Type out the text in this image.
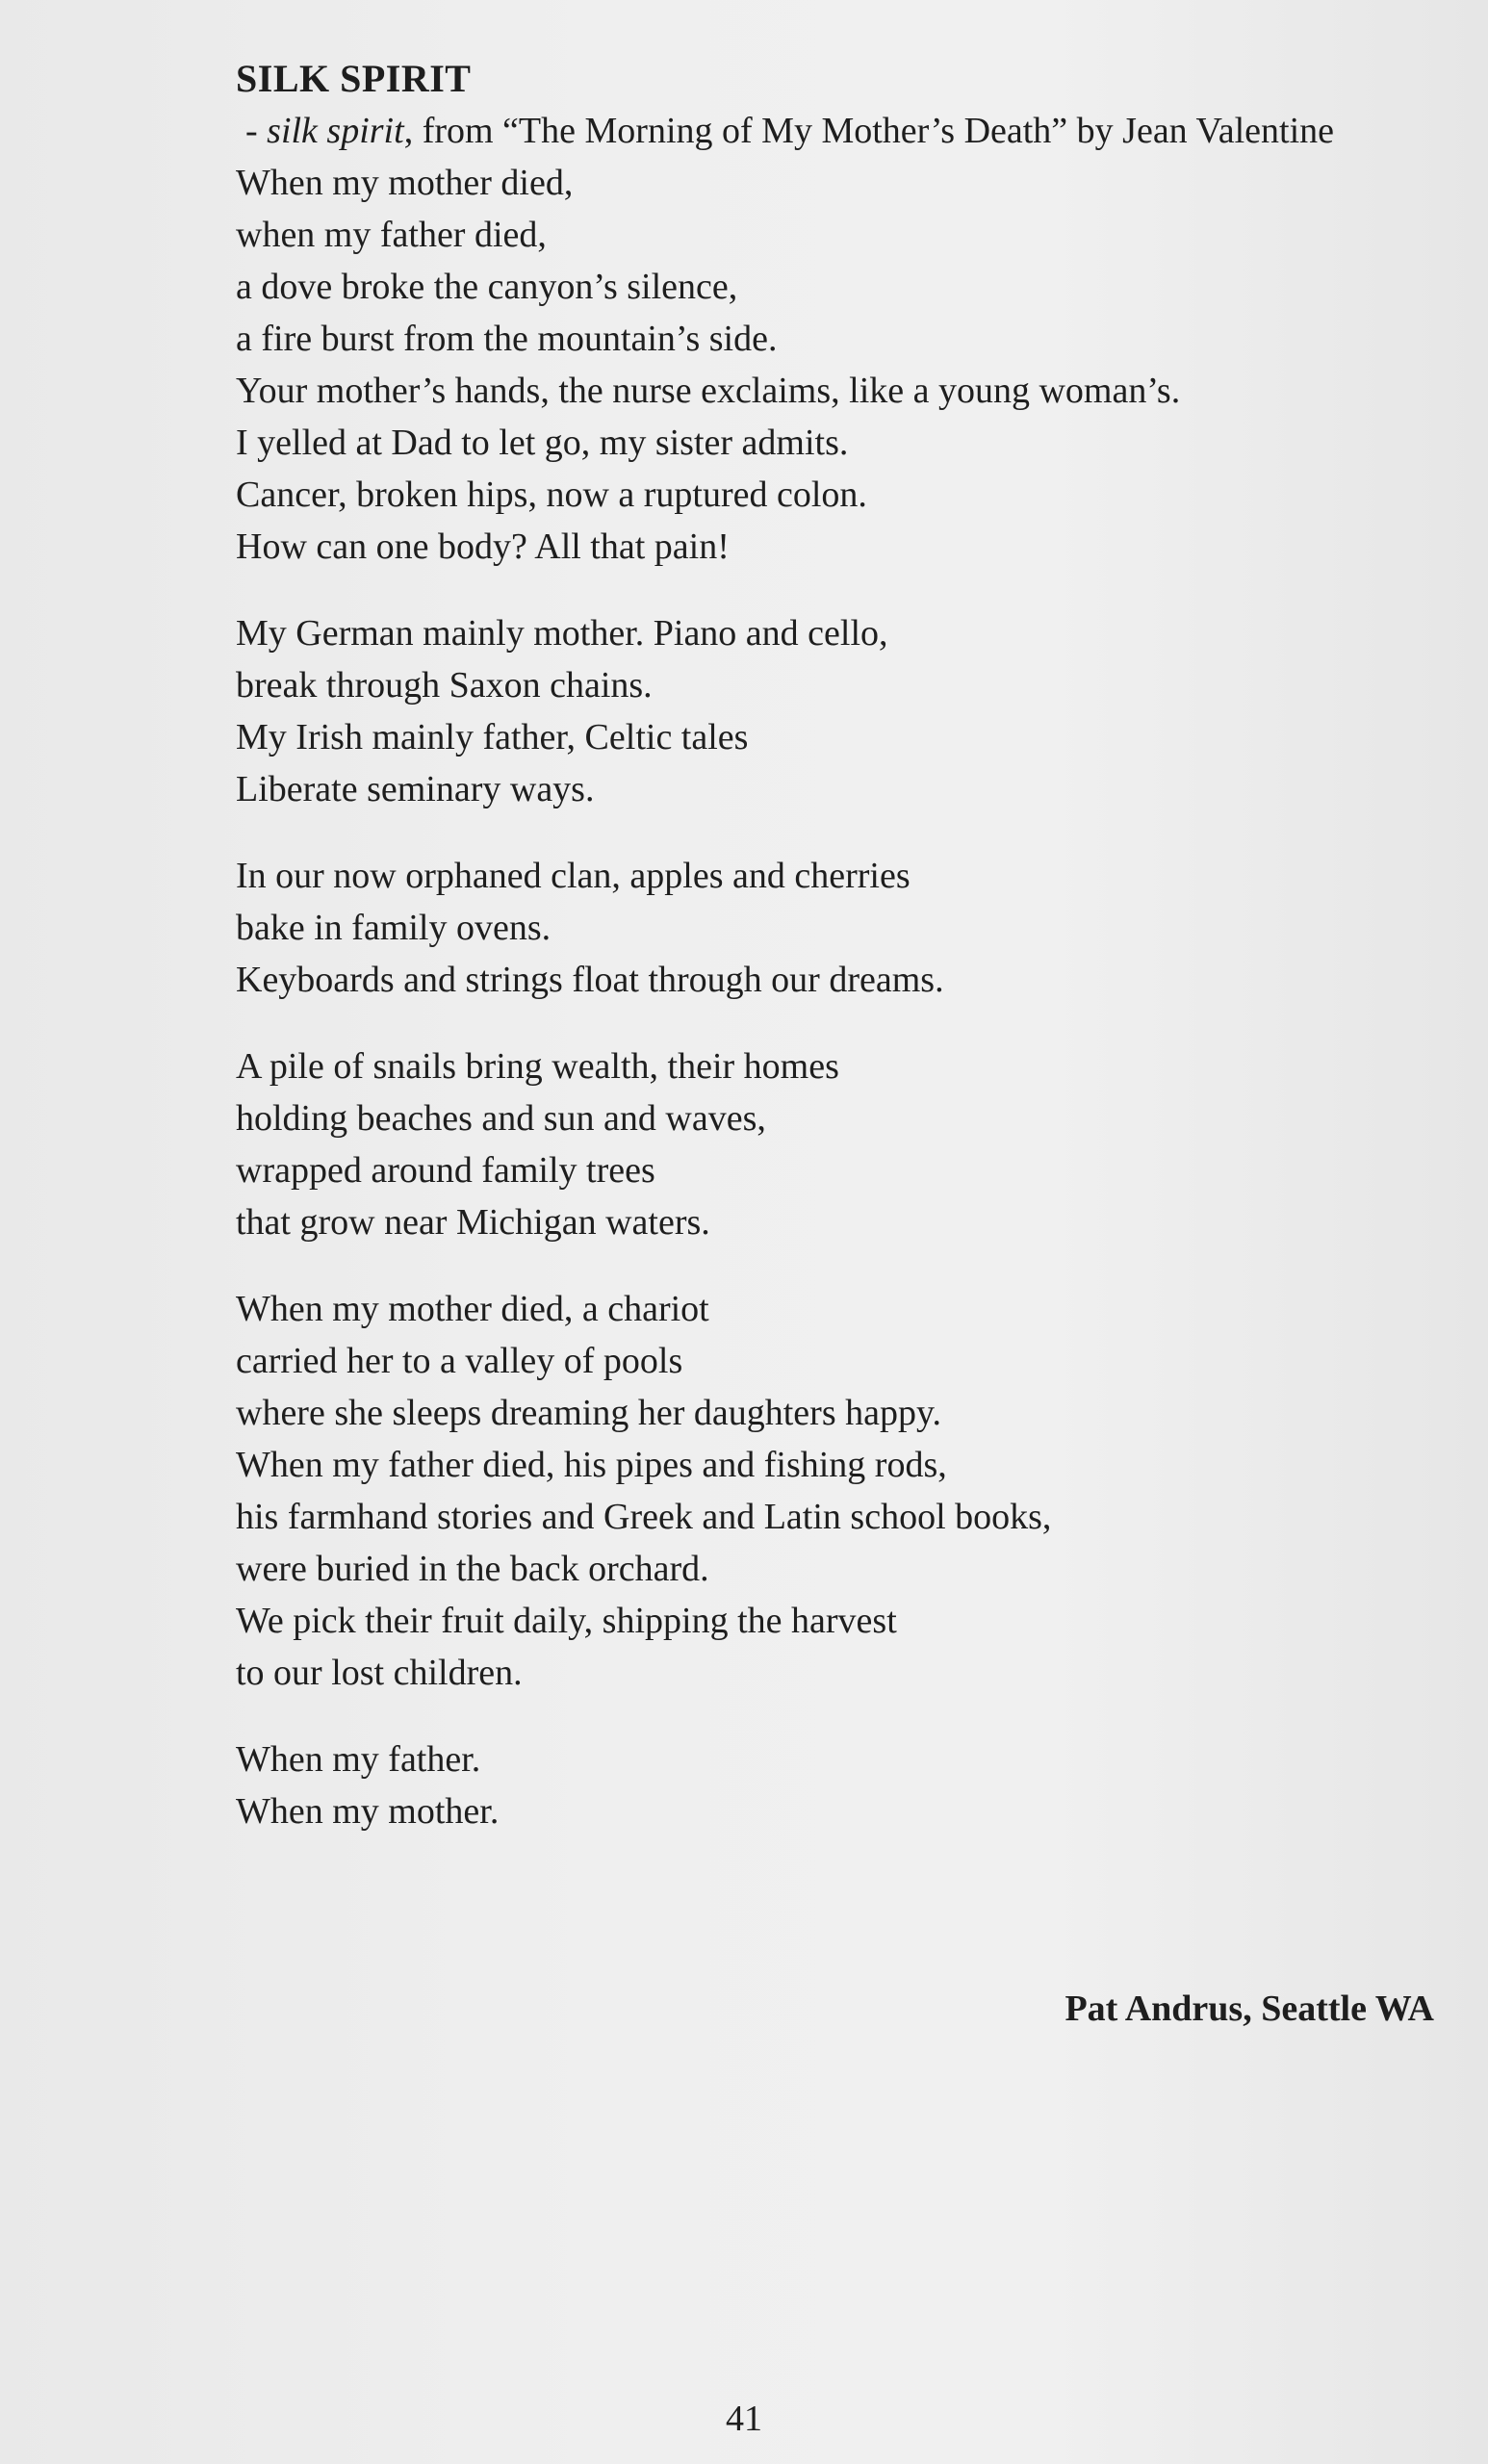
SILK SPIRIT

- silk spirit, from “The Morning of My Mother’s Death” by Jean Valentine

When my mother died,
when my father died,
a dove broke the canyon’s silence,
a fire burst from the mountain’s side.
Your mother’s hands, the nurse exclaims, like a young woman’s.
I yelled at Dad to let go, my sister admits.
Cancer, broken hips, now a ruptured colon.
How can one body? All that pain!
My German mainly mother. Piano and cello,
break through Saxon chains.
My Irish mainly father, Celtic tales
Liberate seminary ways.
In our now orphaned clan, apples and cherries
bake in family ovens.
Keyboards and strings float through our dreams.
A pile of snails bring wealth, their homes
holding beaches and sun and waves,
wrapped around family trees
that grow near Michigan waters.
When my mother died, a chariot
carried her to a valley of pools
where she sleeps dreaming her daughters happy.
When my father died, his pipes and fishing rods,
his farmhand stories and Greek and Latin school books,
were buried in the back orchard.
We pick their fruit daily, shipping the harvest
to our lost children.
When my father.
When my mother.

Pat Andrus, Seattle WA

41
